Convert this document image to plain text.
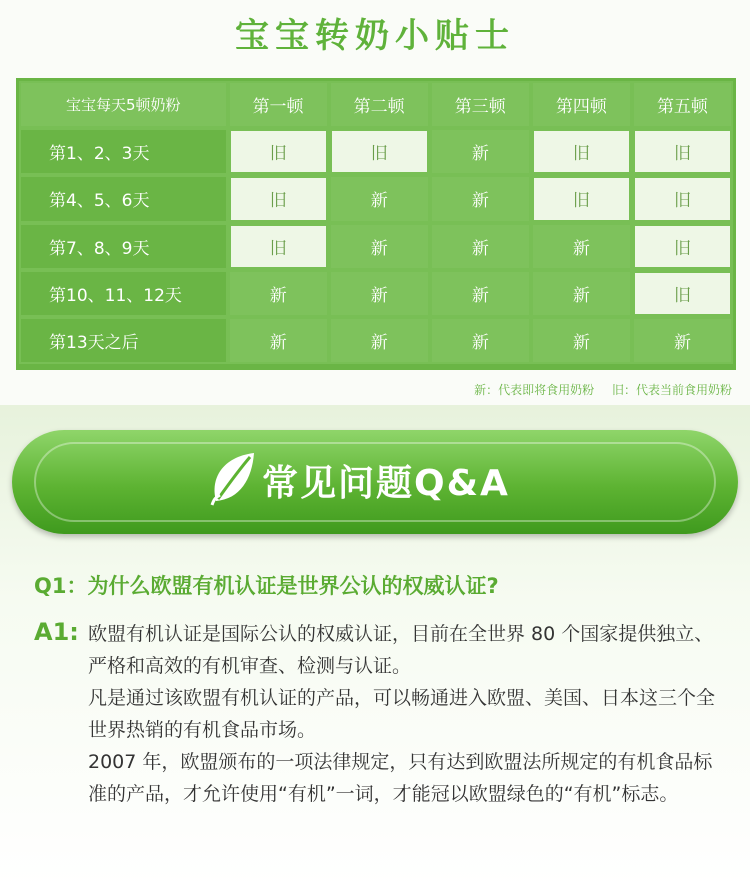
宝宝转奶小贴士
宝宝每天5顿奶粉	第一顿	第二顿	第三顿	第四顿	第五顿
第1、2、3天	旧	旧	新	旧	旧
第4、5、6天	旧	新	新	旧	旧
第7、8、9天	旧	新	新	新	旧
第10、11、12天	新	新	新	新	旧
第13天之后	新	新	新	新	新
新：代表即将食用奶粉 旧：代表当前食用奶粉
常见问题Q&A
Q1：为什么欧盟有机认证是世界公认的权威认证?
A1: 欧盟有机认证是国际公认的权威认证，目前在全世界 80 个国家提供独立、严格和高效的有机审查、检测与认证。

凡是通过该欧盟有机认证的产品，可以畅通进入欧盟、美国、日本这三个全世界热销的有机食品市场。

2007 年，欧盟颁布的一项法律规定，只有达到欧盟法所规定的有机食品标准的产品，才允许使用“有机”一词，才能冠以欧盟绿色的“有机”标志。
